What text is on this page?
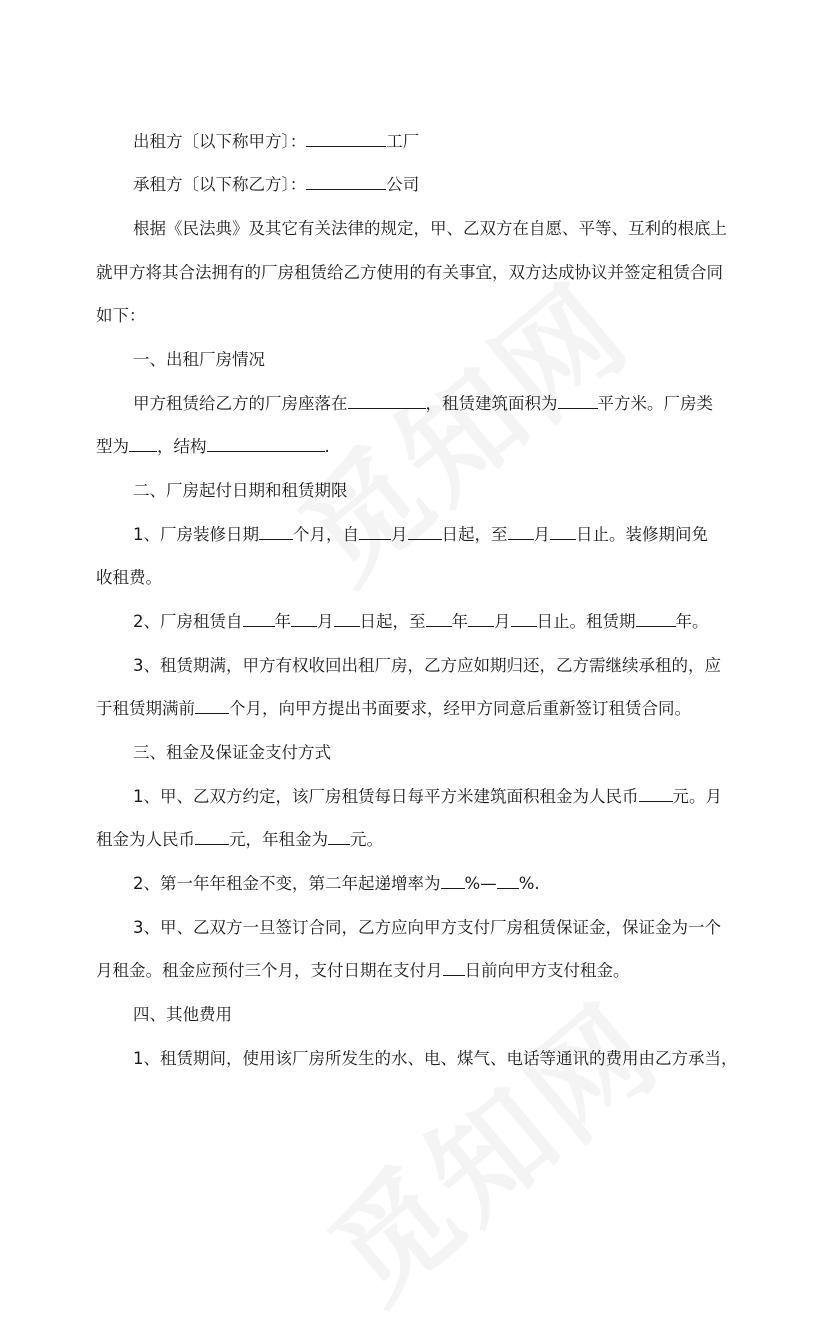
出租方〔以下称甲方〕：	工厂
承租方〔以下称乙方〕：	公司
根据《民法典》及其它有关法律的规定，甲、乙双方在自愿、平等、互利的根底上
就甲方将其合法拥有的厂房租赁给乙方使用的有关事宜，双方达成协议并签定租赁合同
如下：
一、出租厂房情况
甲方租赁给乙方的厂房座落在	，租赁建筑面积为 平方米。厂房类
型为 ，结构	.
二、厂房起付日期和租赁期限
1、厂房装修日期 个月，自 月 日起，至 月 日止。装修期间免
收租费。
2、厂房租赁自 年 月 日起，至 年 月 日止。租赁期 年。
3、租赁期满，甲方有权收回出租厂房，乙方应如期归还，乙方需继续承租的，应
于租赁期满前 个月，向甲方提出书面要求，经甲方同意后重新签订租赁合同。
三、租金及保证金支付方式
1、甲、乙双方约定，该厂房租赁每日每平方米建筑面积租金为人民币 元。月
租金为人民币 元，年租金为 元。
2、第一年年租金不变，第二年起递增率为 %— %.
3、甲、乙双方一旦签订合同，乙方应向甲方支付厂房租赁保证金，保证金为一个
月租金。租金应预付三个月，支付日期在支付月 日前向甲方支付租金。
四、其他费用
1、租赁期间，使用该厂房所发生的水、电、煤气、电话等通讯的费用由乙方承当，
